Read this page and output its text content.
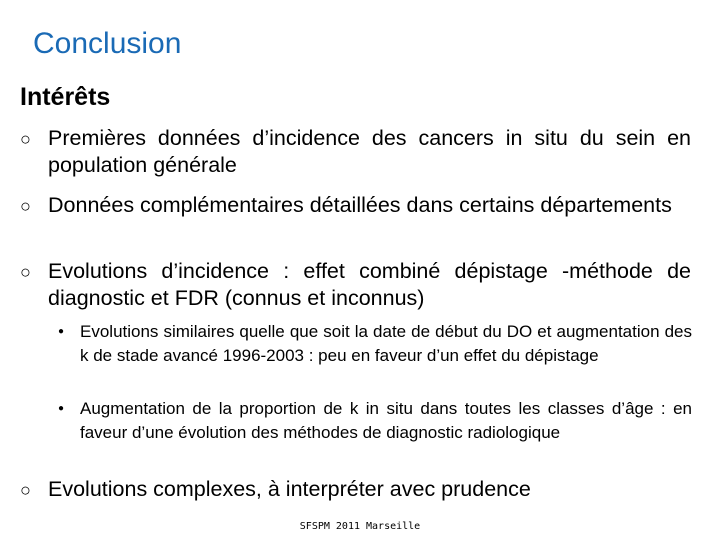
Conclusion
Intérêts
○ Premières données d’incidence des cancers in situ du sein en population générale
○ Données complémentaires détaillées dans certains départements
○ Evolutions d’incidence : effet combiné dépistage -méthode de diagnostic et FDR (connus et inconnus)
● Evolutions similaires quelle que soit la date de début du DO et augmentation des k de stade avancé 1996-2003 : peu en faveur d’un effet du dépistage
● Augmentation de la proportion de k in situ dans toutes les classes d’âge : en faveur d’une évolution des méthodes de diagnostic radiologique
○ Evolutions complexes, à interpréter avec prudence
SFSPM 2011 Marseille
